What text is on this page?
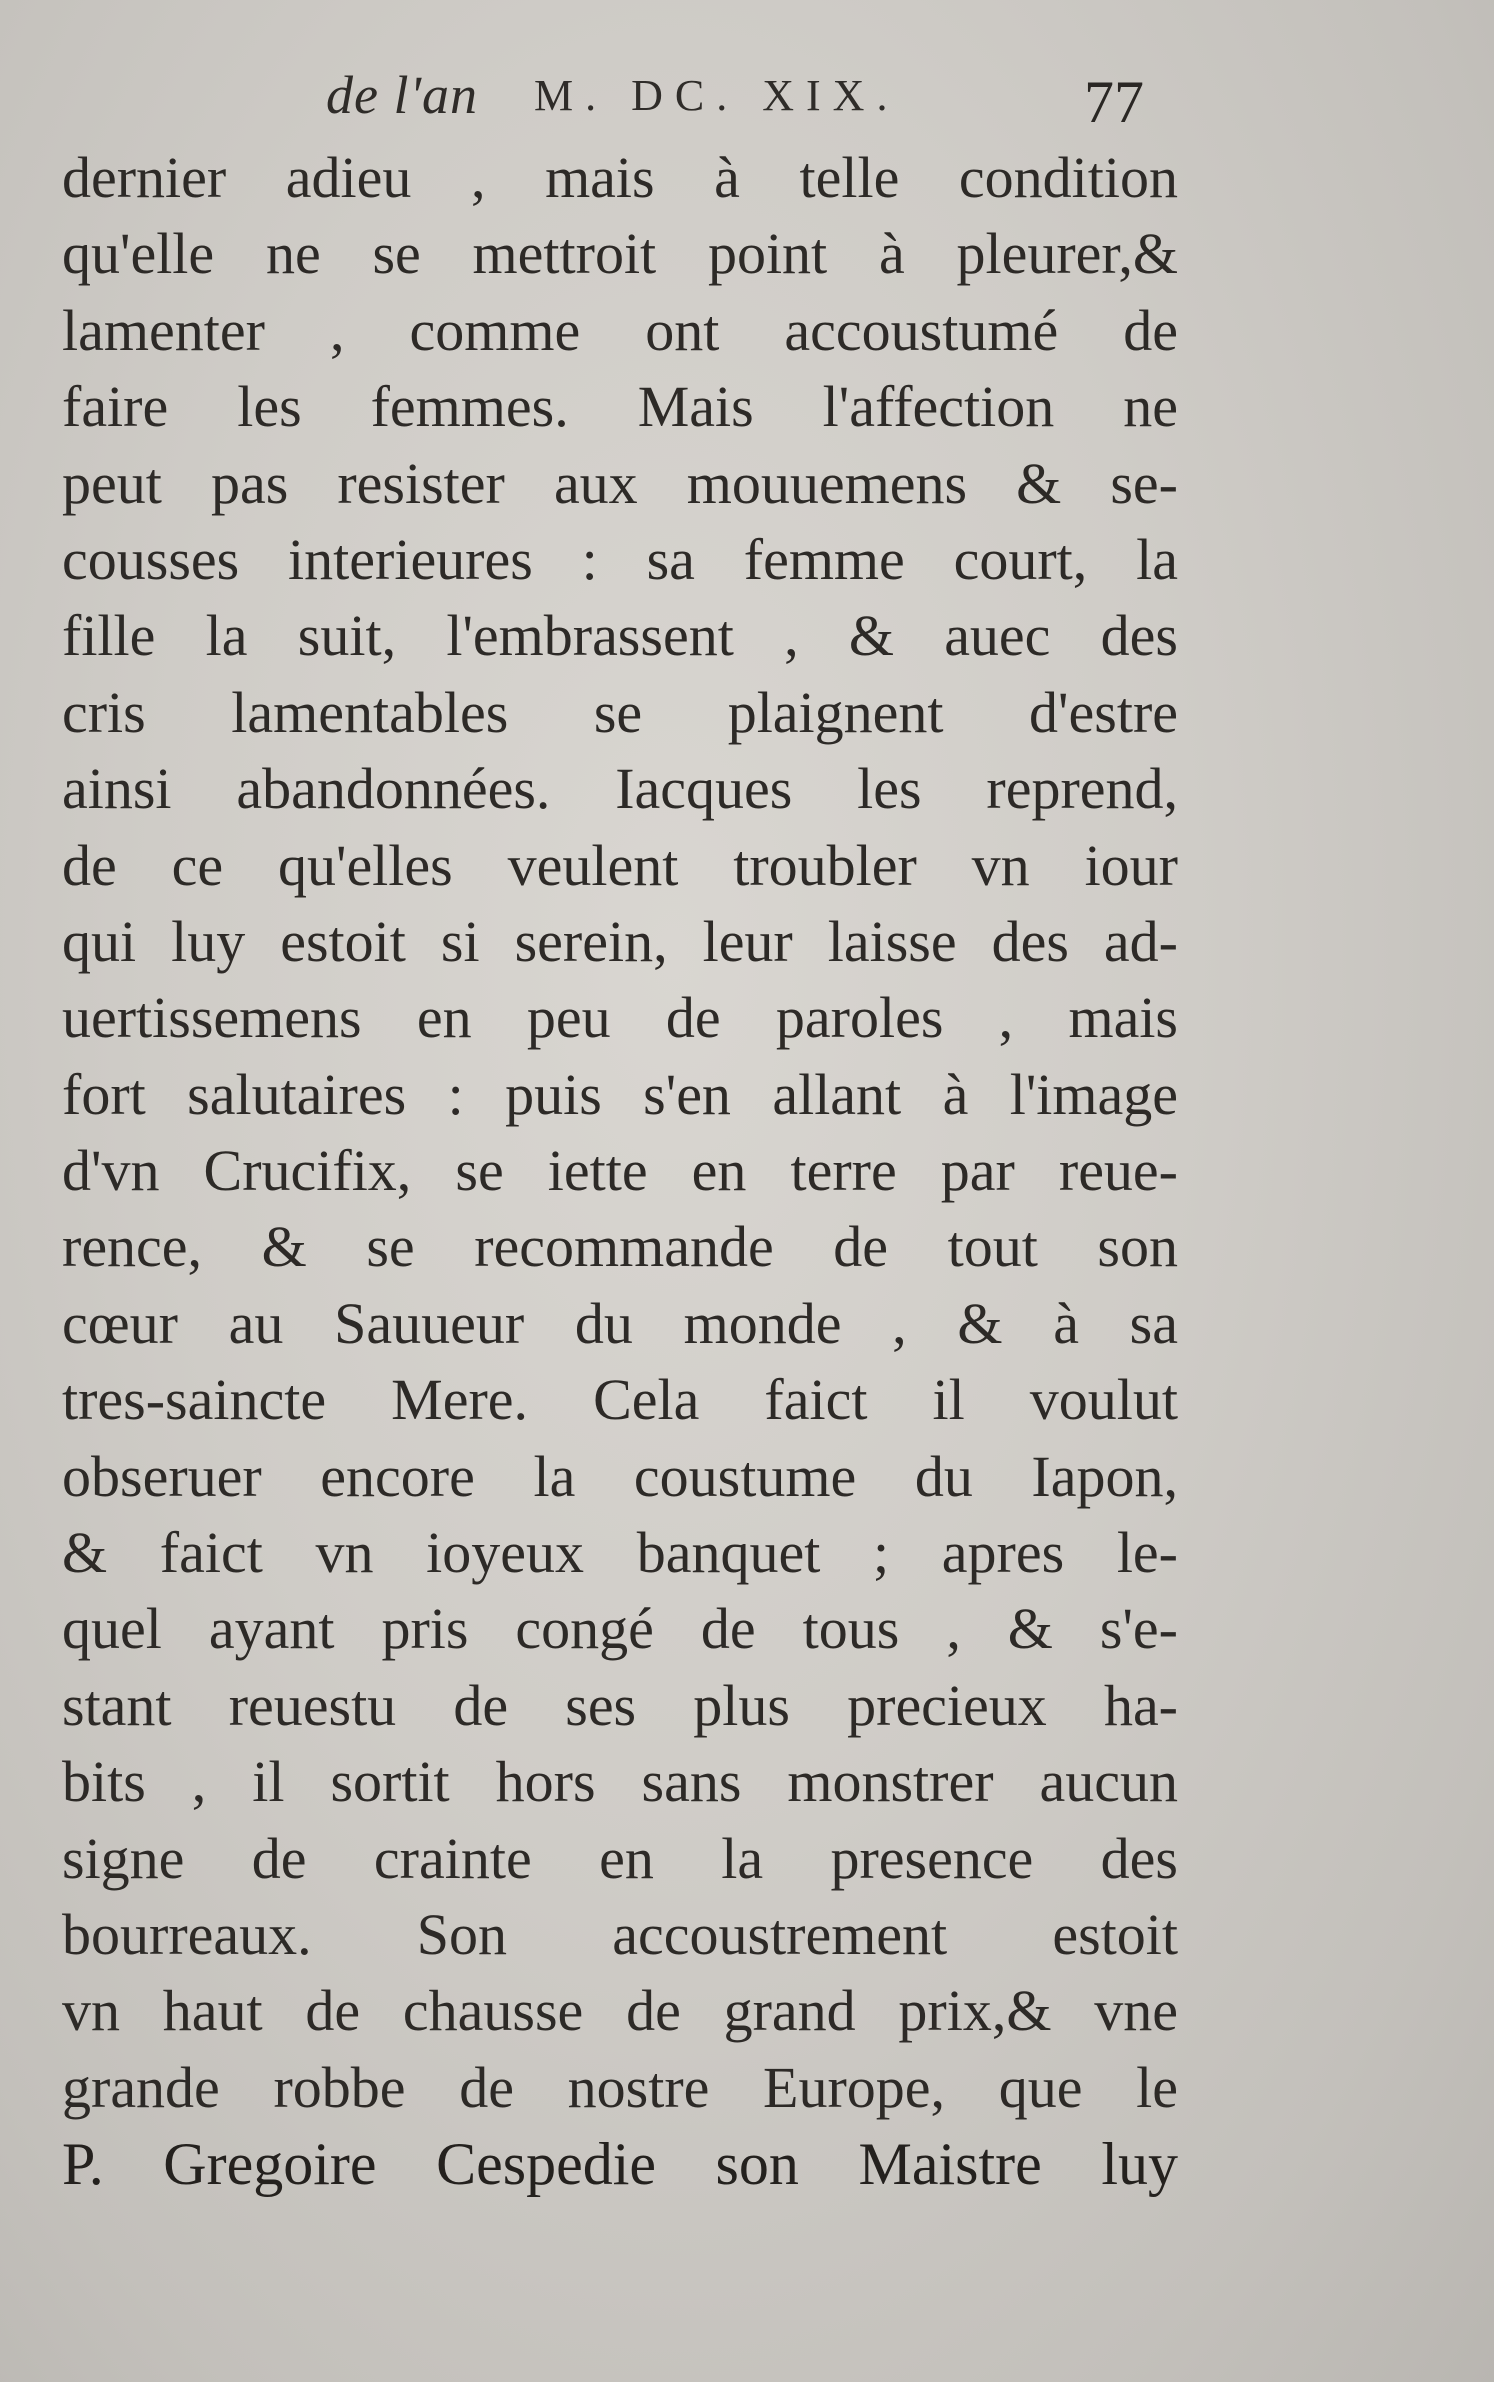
de l'an M. DC. XIX.	77
dernier adieu , mais à telle condition
qu'elle ne se mettroit point à pleurer,&
lamenter , comme ont accoustumé de
faire les femmes. Mais l'affection ne
peut pas resister aux mouuemens & se-
cousses interieures : sa femme court, la
fille la suit, l'embrassent , & auec des
cris lamentables se plaignent d'estre
ainsi abandonnées. Iacques les reprend,
de ce qu'elles veulent troubler vn iour
qui luy estoit si serein, leur laisse des ad-
uertissemens en peu de paroles , mais
fort salutaires : puis s'en allant à l'image
d'vn Crucifix, se iette en terre par reue-
rence, & se recommande de tout son
cœur au Sauueur du monde , & à sa
tres-saincte Mere. Cela faict il voulut
obseruer encore la coustume du Iapon,
& faict vn ioyeux banquet ; apres le-
quel ayant pris congé de tous , & s'e-
stant reuestu de ses plus precieux ha-
bits , il sortit hors sans monstrer aucun
signe de crainte en la presence des
bourreaux. Son accoustrement estoit
vn haut de chausse de grand prix,& vne
grande robbe de nostre Europe, que le
P. Gregoire Cespedie son Maistre luy
